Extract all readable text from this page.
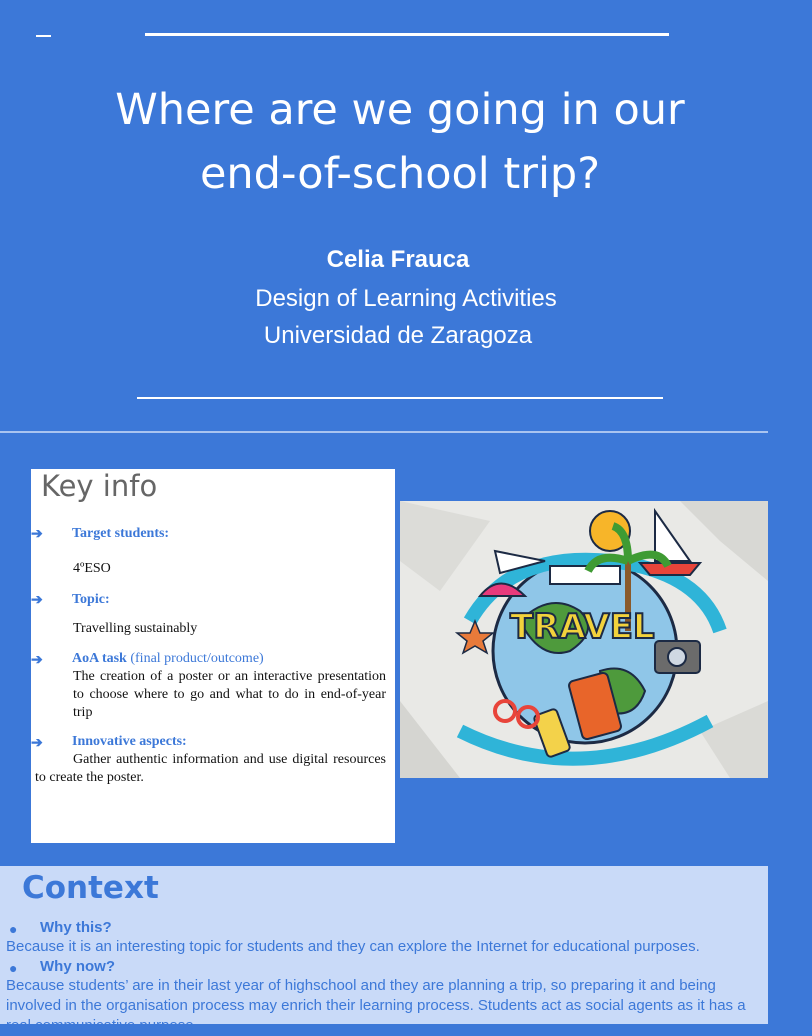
Where are we going in our
end-of-school trip?
Celia Frauca
Design of Learning Activities
Universidad de Zaragoza
Key info
➔ Target students:
4ºESO
➔ Topic:
Travelling sustainably
➔ AoA task (final product/outcome)
The creation of a poster or an interactive presentation to choose where to go and what to do in end-of-year trip
➔ Innovative aspects:
Gather authentic information and use digital resources to create the poster.
TRAVEL
Context
● Why this?
Because it is an interesting topic for students and they can explore the Internet for educational purposes.
● Why now?
Because students’ are in their last year of highschool and they are planning a trip, so preparing it and being involved in the organisation process may enrich their learning process. Students act as social agents as it has a real communicative purpose.
